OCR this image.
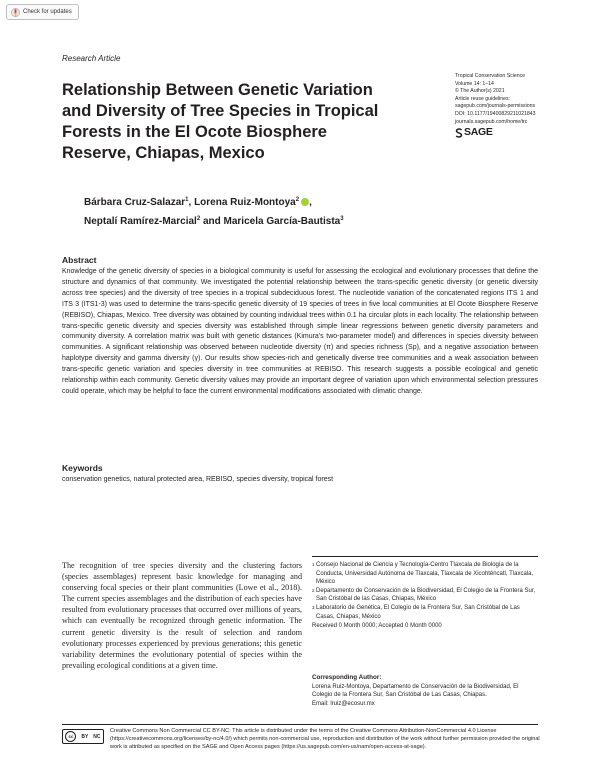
Check for updates
Research Article
Relationship Between Genetic Variation
and Diversity of Tree Species in Tropical
Forests in the El Ocote Biosphere
Reserve, Chiapas, Mexico
Tropical Conservation Science
Volume 14: 1–14
© The Author(s) 2021
Article reuse guidelines:
sagepub.com/journals-permissions
DOI: 10.1177/19400829211021843
journals.sagepub.com/home/trc
SAGE
Bárbara Cruz-Salazar$^1$, Lorena Ruiz-Montoya$^2$ ,
Neptalí Ramírez-Marcial$^2$ and Maricela García-Bautista$^3$
Abstract
Knowledge of the genetic diversity of species in a biological community is useful for assessing the ecological and evolutionary processes that define the structure and dynamics of that community. We investigated the potential relationship between the trans-specific genetic diversity (or genetic diversity across tree species) and the diversity of tree species in a tropical subdeciduous forest. The nucleotide variation of the concatenated regions ITS 1 and ITS 3 (ITS1-3) was used to determine the trans-specific genetic diversity of 19 species of trees in five local communities at El Ocote Biosphere Reserve (REBISO), Chiapas, Mexico. Tree diversity was obtained by counting individual trees within 0.1 ha circular plots in each locality. The relationship between trans-specific genetic diversity and species diversity was established through simple linear regressions between genetic diversity parameters and community diversity. A correlation matrix was built with genetic distances (Kimura's two-parameter model) and differences in species diversity between communities. A significant relationship was observed between nucleotide diversity (π) and species richness (Sp), and a negative association between haplotype diversity and gamma diversity (γ). Our results show species-rich and genetically diverse tree communities and a weak association between trans-specific genetic variation and species diversity in tree communities at REBISO. This research suggests a possible ecological and genetic relationship within each community. Genetic diversity values may provide an important degree of variation upon which environmental selection pressures could operate, which may be helpful to face the current environmental modifications associated with climatic change.
Keywords
conservation genetics, natural protected area, REBISO, species diversity, tropical forest
The recognition of tree species diversity and the clustering factors (species assemblages) represent basic knowledge for managing and conserving focal species or their plant communities (Lowe et al., 2018). The current species assemblages and the distribution of each species have resulted from evolutionary processes that occurred over millions of years, which can eventually be recognized through genetic information. The current genetic diversity is the result of selection and random evolutionary processes experienced by previous generations; this genetic variability determines the evolutionary potential of species within the prevailing ecological conditions at a given time.
1 Consejo Nacional de Ciencia y Tecnología-Centro Tlaxcala de Biología de la Conducta, Universidad Autónoma de Tlaxcala, Tlaxcala de Xicohténcatl, Tlaxcala, México
2 Departamento de Conservación de la Biodiversidad, El Colegio de la Frontera Sur, San Cristóbal de las Casas, Chiapas, México
3 Laboratorio de Genética, El Colegio de la Frontera Sur, San Cristóbal de Las Casas, Chiapas, México
Received 0 Month 0000; Accepted 0 Month 0000
Corresponding Author:
Lorena Ruiz-Montoya, Departamento de Conservación de la Biodiversidad, El Colegio de la Frontera Sur, San Cristóbal de Las Casas, Chiapas.
Email: lruiz@ecosur.mx
cc	BY NC
Creative Commons Non Commercial CC BY-NC: This article is distributed under the terms of the Creative Commons Attribution-NonCommercial 4.0 License (https://creativecommons.org/licenses/by-nc/4.0/) which permits non-commercial use, reproduction and distribution of the work without further permission provided the original work is attributed as specified on the SAGE and Open Access pages (https://us.sagepub.com/en-us/nam/open-access-at-sage).
